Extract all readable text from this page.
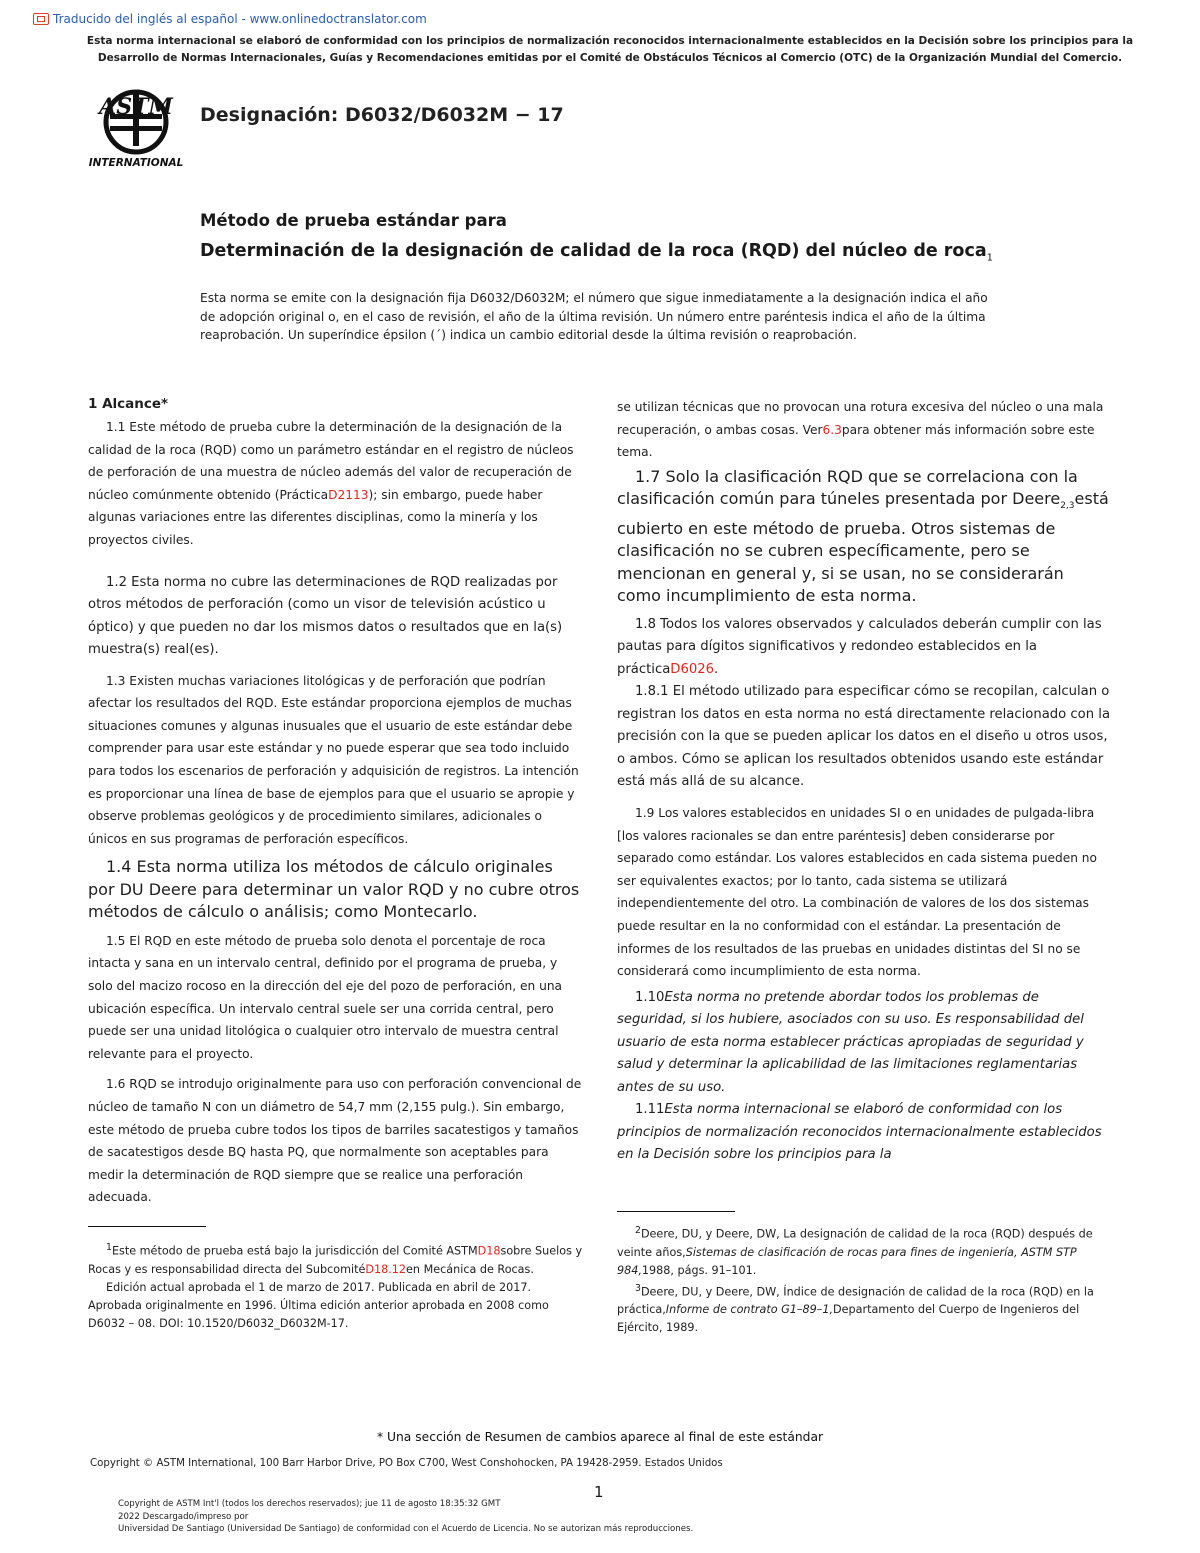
Traducido del inglés al español - www.onlinedoctranslator.com
Esta norma internacional se elaboró de conformidad con los principios de normalización reconocidos internacionalmente establecidos en la Decisión sobre los principios para la
Desarrollo de Normas Internacionales, Guías y Recomendaciones emitidas por el Comité de Obstáculos Técnicos al Comercio (OTC) de la Organización Mundial del Comercio.
ASTM
INTERNATIONAL
Designación: D6032/D6032M − 17
Método de prueba estándar para
Determinación de la designación de calidad de la roca (RQD) del núcleo de roca$_1$
Esta norma se emite con la designación fija D6032/D6032M; el número que sigue inmediatamente a la designación indica el año de adopción original o, en el caso de revisión, el año de la última revisión. Un número entre paréntesis indica el año de la última reaprobación. Un superíndice épsilon (´) indica un cambio editorial desde la última revisión o reaprobación.

1 Alcance*

1.1 Este método de prueba cubre la determinación de la designación de la calidad de la roca (RQD) como un parámetro estándar en el registro de núcleos de perforación de una muestra de núcleo además del valor de recuperación de núcleo comúnmente obtenido (PrácticaD2113); sin embargo, puede haber algunas variaciones entre las diferentes disciplinas, como la minería y los proyectos civiles.

1.2 Esta norma no cubre las determinaciones de RQD realizadas por otros métodos de perforación (como un visor de televisión acústico u óptico) y que pueden no dar los mismos datos o resultados que en la(s) muestra(s) real(es).

1.3 Existen muchas variaciones litológicas y de perforación que podrían afectar los resultados del RQD. Este estándar proporciona ejemplos de muchas situaciones comunes y algunas inusuales que el usuario de este estándar debe comprender para usar este estándar y no puede esperar que sea todo incluido para todos los escenarios de perforación y adquisición de registros. La intención es proporcionar una línea de base de ejemplos para que el usuario se apropie y observe problemas geológicos y de procedimiento similares, adicionales o únicos en sus programas de perforación específicos.

1.4 Esta norma utiliza los métodos de cálculo originales por DU Deere para determinar un valor RQD y no cubre otros métodos de cálculo o análisis; como Montecarlo.

1.5 El RQD en este método de prueba solo denota el porcentaje de roca intacta y sana en un intervalo central, definido por el programa de prueba, y solo del macizo rocoso en la dirección del eje del pozo de perforación, en una ubicación específica. Un intervalo central suele ser una corrida central, pero puede ser una unidad litológica o cualquier otro intervalo de muestra central relevante para el proyecto.

1.6 RQD se introdujo originalmente para uso con perforación convencional de núcleo de tamaño N con un diámetro de 54,7 mm (2,155 pulg.). Sin embargo, este método de prueba cubre todos los tipos de barriles sacatestigos y tamaños de sacatestigos desde BQ hasta PQ, que normalmente son aceptables para medir la determinación de RQD siempre que se realice una perforación adecuada.

$^1$Este método de prueba está bajo la jurisdicción del Comité ASTMD18sobre Suelos y Rocas y es responsabilidad directa del SubcomitéD18.12en Mecánica de Rocas.

Edición actual aprobada el 1 de marzo de 2017. Publicada en abril de 2017. Aprobada originalmente en 1996. Última edición anterior aprobada en 2008 como D6032 – 08. DOI: 10.1520/D6032_D6032M-17.

se utilizan técnicas que no provocan una rotura excesiva del núcleo o una mala recuperación, o ambas cosas. Ver6.3para obtener más información sobre este tema.

1.7 Solo la clasificación RQD que se correlaciona con la clasificación común para túneles presentada por Deere$_{2,3}$está cubierto en este método de prueba. Otros sistemas de clasificación no se cubren específicamente, pero se mencionan en general y, si se usan, no se considerarán como incumplimiento de esta norma.

1.8 Todos los valores observados y calculados deberán cumplir con las pautas para dígitos significativos y redondeo establecidos en la prácticaD6026.

1.8.1 El método utilizado para especificar cómo se recopilan, calculan o registran los datos en esta norma no está directamente relacionado con la precisión con la que se pueden aplicar los datos en el diseño u otros usos, o ambos. Cómo se aplican los resultados obtenidos usando este estándar está más allá de su alcance.

1.9 Los valores establecidos en unidades SI o en unidades de pulgada-libra [los valores racionales se dan entre paréntesis] deben considerarse por separado como estándar. Los valores establecidos en cada sistema pueden no ser equivalentes exactos; por lo tanto, cada sistema se utilizará independientemente del otro. La combinación de valores de los dos sistemas puede resultar en la no conformidad con el estándar. La presentación de informes de los resultados de las pruebas en unidades distintas del SI no se considerará como incumplimiento de esta norma.

1.10Esta norma no pretende abordar todos los problemas de seguridad, si los hubiere, asociados con su uso. Es responsabilidad del usuario de esta norma establecer prácticas apropiadas de seguridad y salud y determinar la aplicabilidad de las limitaciones reglamentarias antes de su uso.

1.11Esta norma internacional se elaboró de conformidad con los principios de normalización reconocidos internacionalmente establecidos en la Decisión sobre los principios para la

$^2$Deere, DU, y Deere, DW, La designación de calidad de la roca (RQD) después de veinte años,Sistemas de clasificación de rocas para fines de ingeniería, ASTM STP 984,1988, págs. 91–101.

$^3$Deere, DU, y Deere, DW, Índice de designación de calidad de la roca (RQD) en la práctica,Informe de contrato G1–89–1,Departamento del Cuerpo de Ingenieros del Ejército, 1989.

* Una sección de Resumen de cambios aparece al final de este estándar
Copyright © ASTM International, 100 Barr Harbor Drive, PO Box C700, West Conshohocken, PA 19428-2959. Estados Unidos
1
Copyright de ASTM Int'l (todos los derechos reservados); jue 11 de agosto 18:35:32 GMT
2022 Descargado/impreso por
Universidad De Santiago (Universidad De Santiago) de conformidad con el Acuerdo de Licencia. No se autorizan más reproducciones.
